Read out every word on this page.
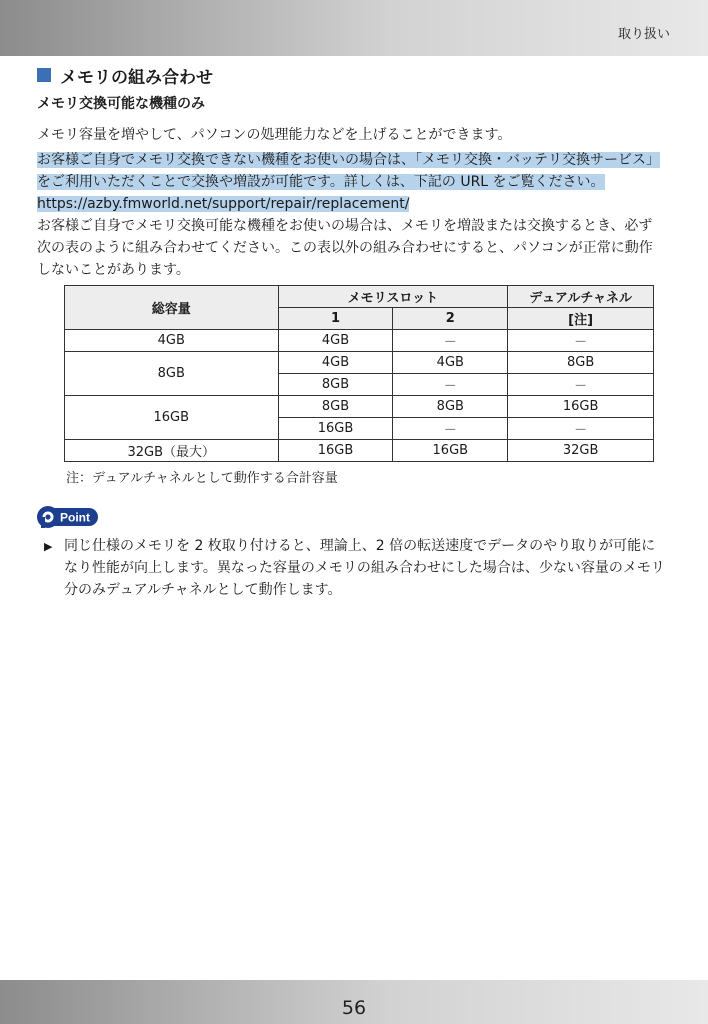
取り扱い
メモリの組み合わせ
メモリ交換可能な機種のみ
メモリ容量を増やして、パソコンの処理能力などを上げることができます。
お客様ご自身でメモリ交換できない機種をお使いの場合は、「メモリ交換・バッテリ交換サービス」をご利用いただくことで交換や増設が可能です。詳しくは、下記の URL をご覧ください。
https://azby.fmworld.net/support/repair/replacement/
お客様ご自身でメモリ交換可能な機種をお使いの場合は、メモリを増設または交換するとき、必ず次の表のように組み合わせてください。この表以外の組み合わせにすると、パソコンが正常に動作しないことがあります。
総容量	メモリスロット		デュアルチャネル
	1	2	[注]
4GB	4GB	－	－
8GB	4GB	4GB	8GB
	8GB	－	－
16GB	8GB	8GB	16GB
	16GB	－	－
32GB（最大）	16GB	16GB	32GB
注：デュアルチャネルとして動作する合計容量
Point
▶ 同じ仕様のメモリを 2 枚取り付けると、理論上、2 倍の転送速度でデータのやり取りが可能になり性能が向上します。異なった容量のメモリの組み合わせにした場合は、少ない容量のメモリ分のみデュアルチャネルとして動作します。
56
